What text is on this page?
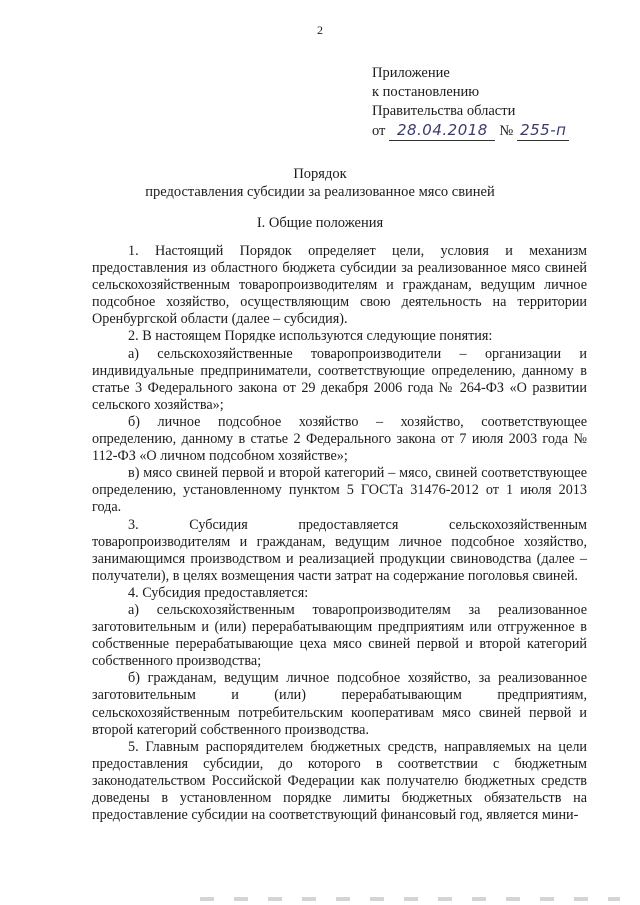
2
Приложение
к постановлению
Правительства области
от 28.04.2018 № 255-п
Порядок
предоставления субсидии за реализованное мясо свиней
I. Общие положения

1. Настоящий Порядок определяет цели, условия и механизм предоставления из областного бюджета субсидии за реализованное мясо свиней сельскохозяйственным товаропроизводителям и гражданам, ведущим личное подсобное хозяйство, осуществляющим свою деятельность на территории Оренбургской области (далее – субсидия).

2. В настоящем Порядке используются следующие понятия:

а) сельскохозяйственные товаропроизводители – организации и индивидуальные предприниматели, соответствующие определению, данному в статье 3 Федерального закона от 29 декабря 2006 года № 264-ФЗ «О развитии сельского хозяйства»;

б) личное подсобное хозяйство – хозяйство, соответствующее определению, данному в статье 2 Федерального закона от 7 июля 2003 года № 112-ФЗ «О личном подсобном хозяйстве»;

в) мясо свиней первой и второй категорий – мясо, свиней соответствующее определению, установленному пунктом 5 ГОСТа 31476-2012 от 1 июля 2013 года.

3. Субсидия предоставляется сельскохозяйственным товаропроизводителям и гражданам, ведущим личное подсобное хозяйство, занимающимся производством и реализацией продукции свиноводства (далее – получатели), в целях возмещения части затрат на содержание поголовья свиней.

4. Субсидия предоставляется:

а) сельскохозяйственным товаропроизводителям за реализованное заготовительным и (или) перерабатывающим предприятиям или отгруженное в собственные перерабатывающие цеха мясо свиней первой и второй категорий собственного производства;

б) гражданам, ведущим личное подсобное хозяйство, за реализованное заготовительным и (или) перерабатывающим предприятиям, сельскохозяйственным потребительским кооперативам мясо свиней первой и второй категорий собственного производства.

5. Главным распорядителем бюджетных средств, направляемых на цели предоставления субсидии, до которого в соответствии с бюджетным законодательством Российской Федерации как получателю бюджетных средств доведены в установленном порядке лимиты бюджетных обязательств на предоставление субсидии на соответствующий финансовый год, является мини-
